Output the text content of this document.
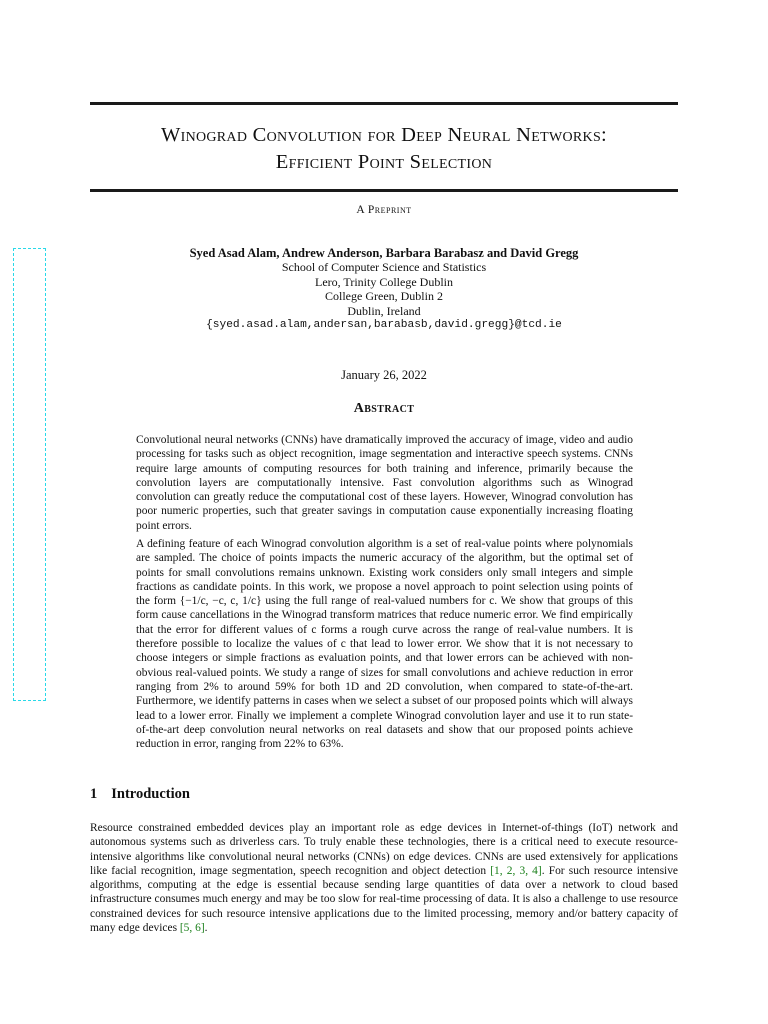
Winograd Convolution for Deep Neural Networks:
Efficient Point Selection
A Preprint
Syed Asad Alam, Andrew Anderson, Barbara Barabasz and David Gregg
School of Computer Science and Statistics
Lero, Trinity College Dublin
College Green, Dublin 2
Dublin, Ireland
{syed.asad.alam,andersan,barabasb,david.gregg}@tcd.ie
January 26, 2022
Abstract
Convolutional neural networks (CNNs) have dramatically improved the accuracy of image, video and audio processing for tasks such as object recognition, image segmentation and interactive speech systems. CNNs require large amounts of computing resources for both training and inference, primarily because the convolution layers are computationally intensive. Fast convolution algorithms such as Winograd convolution can greatly reduce the computational cost of these layers. However, Winograd convolution has poor numeric properties, such that greater savings in computation cause exponentially increasing floating point errors.
A defining feature of each Winograd convolution algorithm is a set of real-value points where polynomials are sampled. The choice of points impacts the numeric accuracy of the algorithm, but the optimal set of points for small convolutions remains unknown. Existing work considers only small integers and simple fractions as candidate points. In this work, we propose a novel approach to point selection using points of the form {−1/c, −c, c, 1/c} using the full range of real-valued numbers for c. We show that groups of this form cause cancellations in the Winograd transform matrices that reduce numeric error. We find empirically that the error for different values of c forms a rough curve across the range of real-value numbers. It is therefore possible to localize the values of c that lead to lower error. We show that it is not necessary to choose integers or simple fractions as evaluation points, and that lower errors can be achieved with non-obvious real-valued points. We study a range of sizes for small convolutions and achieve reduction in error ranging from 2% to around 59% for both 1D and 2D convolution, when compared to state-of-the-art. Furthermore, we identify patterns in cases when we select a subset of our proposed points which will always lead to a lower error. Finally we implement a complete Winograd convolution layer and use it to run state-of-the-art deep convolution neural networks on real datasets and show that our proposed points achieve reduction in error, ranging from 22% to 63%.
1 Introduction
Resource constrained embedded devices play an important role as edge devices in Internet-of-things (IoT) network and autonomous systems such as driverless cars. To truly enable these technologies, there is a critical need to execute resource-intensive algorithms like convolutional neural networks (CNNs) on edge devices. CNNs are used extensively for applications like facial recognition, image segmentation, speech recognition and object detection [1, 2, 3, 4]. For such resource intensive algorithms, computing at the edge is essential because sending large quantities of data over a network to cloud based infrastructure consumes much energy and may be too slow for real-time processing of data. It is also a challenge to use resource constrained devices for such resource intensive applications due to the limited processing, memory and/or battery capacity of many edge devices [5, 6].
